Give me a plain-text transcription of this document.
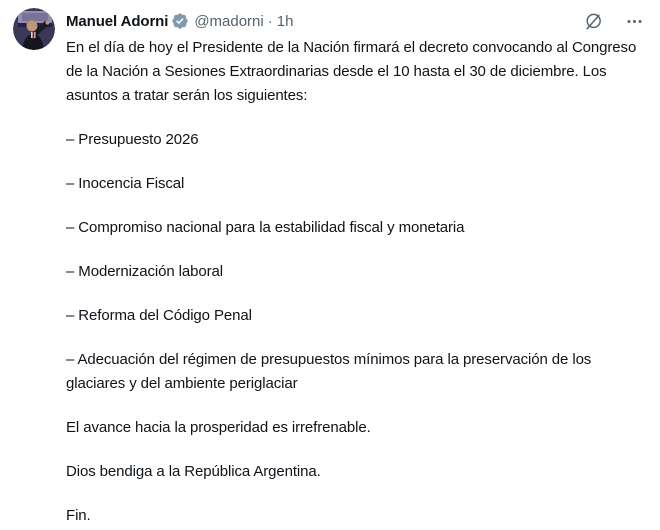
Manuel Adorni @madorni · 1h

En el día de hoy el Presidente de la Nación firmará el decreto convocando al Congreso de la Nación a Sesiones Extraordinarias desde el 10 hasta el 30 de diciembre. Los asuntos a tratar serán los siguientes:

– Presupuesto 2026

– Inocencia Fiscal

– Compromiso nacional para la estabilidad fiscal y monetaria

– Modernización laboral

– Reforma del Código Penal

– Adecuación del régimen de presupuestos mínimos para la preservación de los glaciares y del ambiente periglaciar

El avance hacia la prosperidad es irrefrenable.

Dios bendiga a la República Argentina.

Fin.
